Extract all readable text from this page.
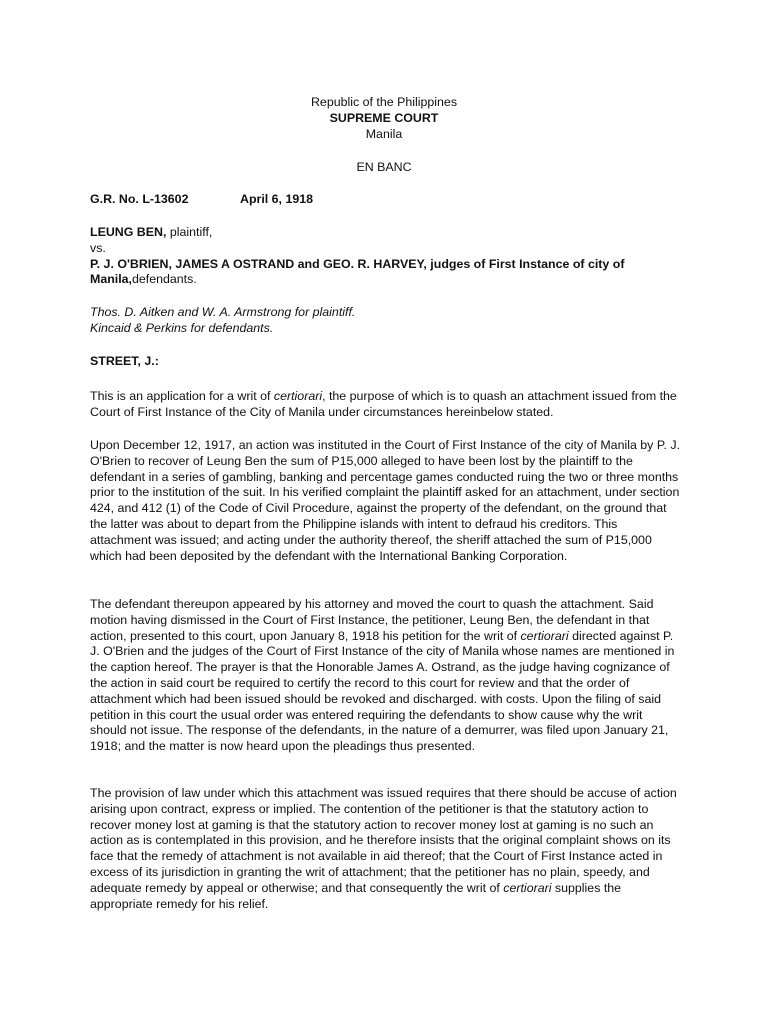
Republic of the Philippines
SUPREME COURT
Manila
EN BANC
G.R. No. L-13602	April 6, 1918
LEUNG BEN, plaintiff,
vs.
P. J. O'BRIEN, JAMES A OSTRAND and GEO. R. HARVEY, judges of First Instance of city of Manila,defendants.
Thos. D. Aitken and W. A. Armstrong for plaintiff.
Kincaid & Perkins for defendants.
STREET, J.:

This is an application for a writ of certiorari, the purpose of which is to quash an attachment issued from the Court of First Instance of the City of Manila under circumstances hereinbelow stated.

Upon December 12, 1917, an action was instituted in the Court of First Instance of the city of Manila by P. J. O'Brien to recover of Leung Ben the sum of P15,000 alleged to have been lost by the plaintiff to the defendant in a series of gambling, banking and percentage games conducted ruing the two or three months prior to the institution of the suit. In his verified complaint the plaintiff asked for an attachment, under section 424, and 412 (1) of the Code of Civil Procedure, against the property of the defendant, on the ground that the latter was about to depart from the Philippine islands with intent to defraud his creditors. This attachment was issued; and acting under the authority thereof, the sheriff attached the sum of P15,000 which had been deposited by the defendant with the International Banking Corporation.

The defendant thereupon appeared by his attorney and moved the court to quash the attachment. Said motion having dismissed in the Court of First Instance, the petitioner, Leung Ben, the defendant in that action, presented to this court, upon January 8, 1918 his petition for the writ of certiorari directed against P. J. O'Brien and the judges of the Court of First Instance of the city of Manila whose names are mentioned in the caption hereof. The prayer is that the Honorable James A. Ostrand, as the judge having cognizance of the action in said court be required to certify the record to this court for review and that the order of attachment which had been issued should be revoked and discharged. with costs. Upon the filing of said petition in this court the usual order was entered requiring the defendants to show cause why the writ should not issue. The response of the defendants, in the nature of a demurrer, was filed upon January 21, 1918; and the matter is now heard upon the pleadings thus presented.

The provision of law under which this attachment was issued requires that there should be accuse of action arising upon contract, express or implied. The contention of the petitioner is that the statutory action to recover money lost at gaming is that the statutory action to recover money lost at gaming is no such an action as is contemplated in this provision, and he therefore insists that the original complaint shows on its face that the remedy of attachment is not available in aid thereof; that the Court of First Instance acted in excess of its jurisdiction in granting the writ of attachment; that the petitioner has no plain, speedy, and adequate remedy by appeal or otherwise; and that consequently the writ of certiorari supplies the appropriate remedy for his relief.
